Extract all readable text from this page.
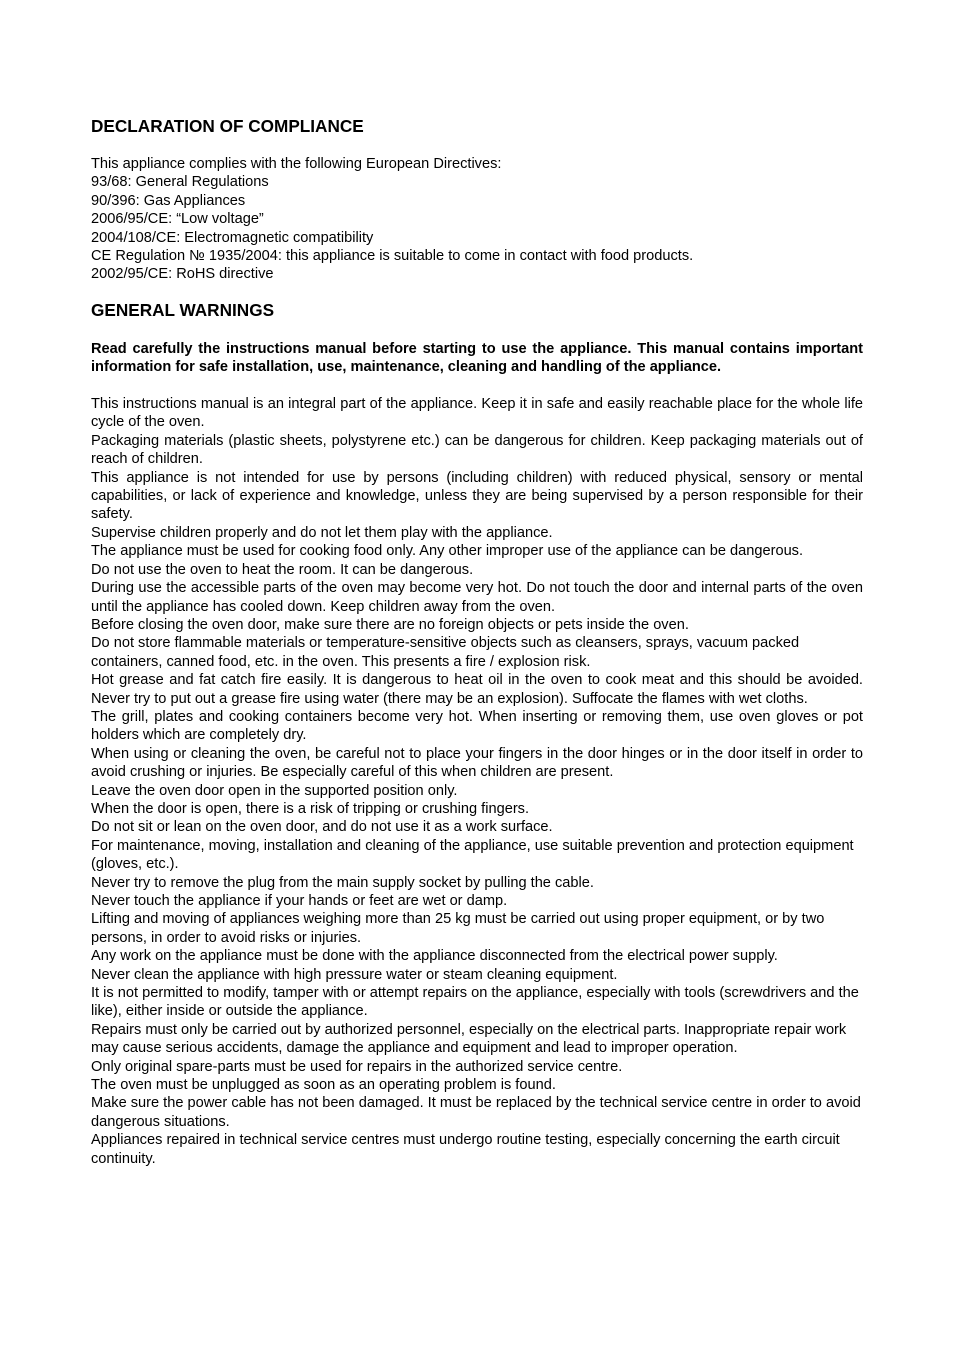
DECLARATION OF COMPLIANCE

This appliance complies with the following European Directives:

93/68: General Regulations

90/396: Gas Appliances

2006/95/CE: “Low voltage”

2004/108/CE: Electromagnetic compatibility

CE Regulation № 1935/2004: this appliance is suitable to come in contact with food products.

2002/95/CE: RoHS directive

GENERAL WARNINGS

Read carefully the instructions manual before starting to use the appliance. This manual contains important information for safe installation, use, maintenance, cleaning and handling of the appliance.

This instructions manual is an integral part of the appliance. Keep it in safe and easily reachable place for the whole life cycle of the oven.

Packaging materials (plastic sheets, polystyrene etc.) can be dangerous for children. Keep packaging materials out of reach of children.

This appliance is not intended for use by persons (including children) with reduced physical, sensory or mental capabilities, or lack of experience and knowledge, unless they are being supervised by a person responsible for their safety.

Supervise children properly and do not let them play with the appliance.

The appliance must be used for cooking food only. Any other improper use of the appliance can be dangerous.

Do not use the oven to heat the room. It can be dangerous.

During use the accessible parts of the oven may become very hot. Do not touch the door and internal parts of the oven until the appliance has cooled down. Keep children away from the oven.

Before closing the oven door, make sure there are no foreign objects or pets inside the oven.

Do not store flammable materials or temperature-sensitive objects such as cleansers, sprays, vacuum packed containers, canned food, etc. in the oven. This presents a fire / explosion risk.

Hot grease and fat catch fire easily. It is dangerous to heat oil in the oven to cook meat and this should be avoided. Never try to put out a grease fire using water (there may be an explosion). Suffocate the flames with wet cloths.

The grill, plates and cooking containers become very hot. When inserting or removing them, use oven gloves or pot holders which are completely dry.

When using or cleaning the oven, be careful not to place your fingers in the door hinges or in the door itself in order to avoid crushing or injuries. Be especially careful of this when children are present.

Leave the oven door open in the supported position only.

When the door is open, there is a risk of tripping or crushing fingers.

Do not sit or lean on the oven door, and do not use it as a work surface.

For maintenance, moving, installation and cleaning of the appliance, use suitable prevention and protection equipment (gloves, etc.).

Never try to remove the plug from the main supply socket by pulling the cable.

Never touch the appliance if your hands or feet are wet or damp.

Lifting and moving of appliances weighing more than 25 kg must be carried out using proper equipment, or by two persons, in order to avoid risks or injuries.

Any work on the appliance must be done with the appliance disconnected from the electrical power supply.

Never clean the appliance with high pressure water or steam cleaning equipment.

It is not permitted to modify, tamper with or attempt repairs on the appliance, especially with tools (screwdrivers and the like), either inside or outside the appliance.

Repairs must only be carried out by authorized personnel, especially on the electrical parts. Inappropriate repair work may cause serious accidents, damage the appliance and equipment and lead to improper operation.

Only original spare-parts must be used for repairs in the authorized service centre.

The oven must be unplugged as soon as an operating problem is found.

Make sure the power cable has not been damaged. It must be replaced by the technical service centre in order to avoid dangerous situations.

Appliances repaired in technical service centres must undergo routine testing, especially concerning the earth circuit continuity.
